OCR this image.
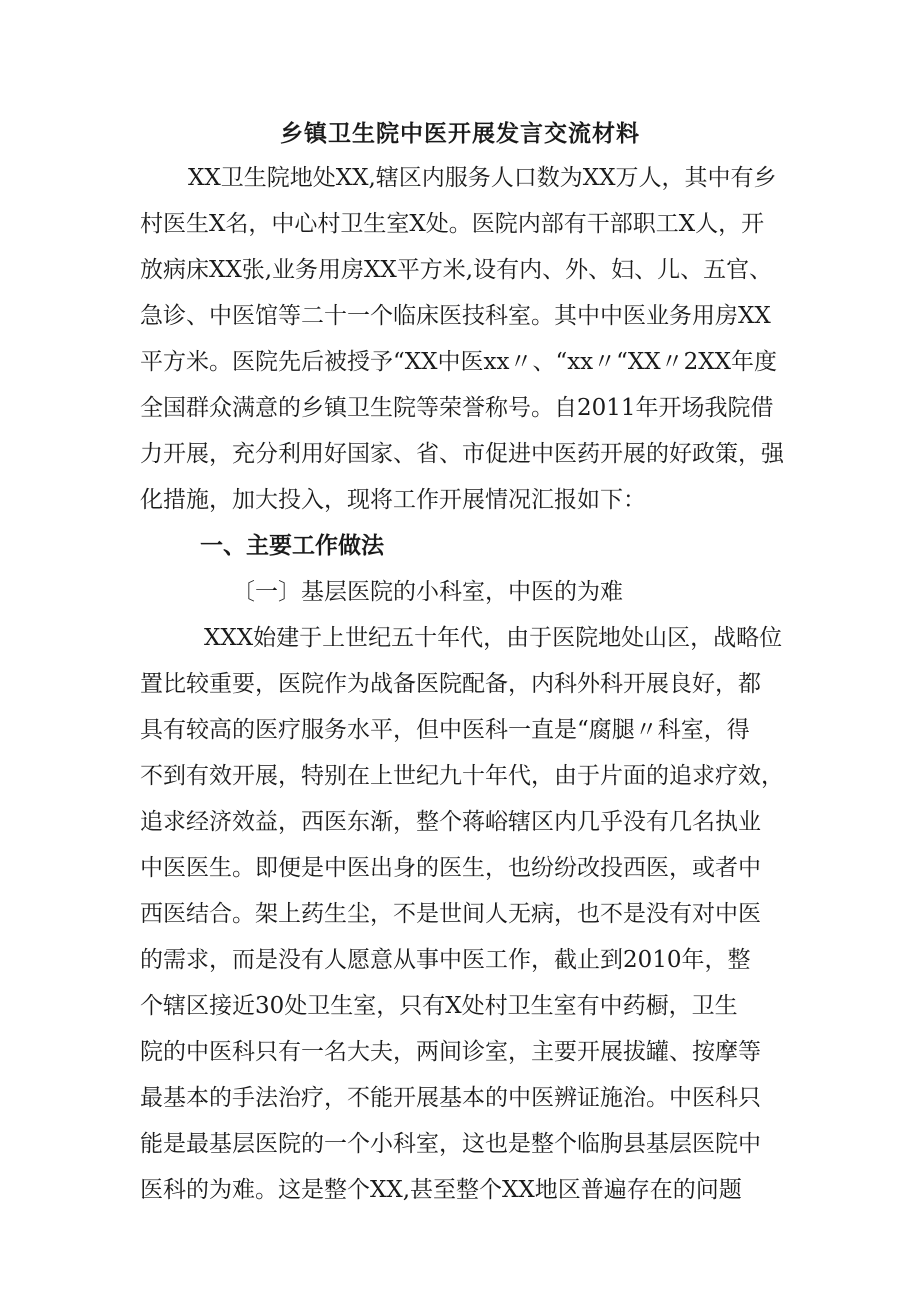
乡镇卫生院中医开展发言交流材料
XX卫生院地处XX,辖区内服务人口数为XX万人，其中有乡
村医生X名，中心村卫生室X处。医院内部有干部职工X人，开
放病床XX张,业务用房XX平方米,设有内、外、妇、儿、五官、
急诊、中医馆等二十一个临床医技科室。其中中医业务用房XX
平方米。医院先后被授予“XX中医xx〃、“xx〃“XX〃2XX年度
全国群众满意的乡镇卫生院等荣誉称号。自2011年开场我院借
力开展，充分利用好国家、省、市促进中医药开展的好政策，强
化措施，加大投入，现将工作开展情况汇报如下：
一、主要工作做法
〔一〕基层医院的小科室，中医的为难
XXX始建于上世纪五十年代，由于医院地处山区，战略位
置比较重要，医院作为战备医院配备，内科外科开展良好，都
具有较高的医疗服务水平，但中医科一直是“腐腿〃科室，得
不到有效开展，特别在上世纪九十年代，由于片面的追求疗效，
追求经济效益，西医东渐，整个蒋峪辖区内几乎没有几名执业
中医医生。即便是中医出身的医生，也纷纷改投西医，或者中
西医结合。架上药生尘，不是世间人无病，也不是没有对中医
的需求，而是没有人愿意从事中医工作，截止到2010年，整
个辖区接近30处卫生室，只有X处村卫生室有中药橱，卫生
院的中医科只有一名大夫，两间诊室，主要开展拔罐、按摩等
最基本的手法治疗，不能开展基本的中医辨证施治。中医科只
能是最基层医院的一个小科室，这也是整个临朐县基层医院中
医科的为难。这是整个XX,甚至整个XX地区普遍存在的问题
